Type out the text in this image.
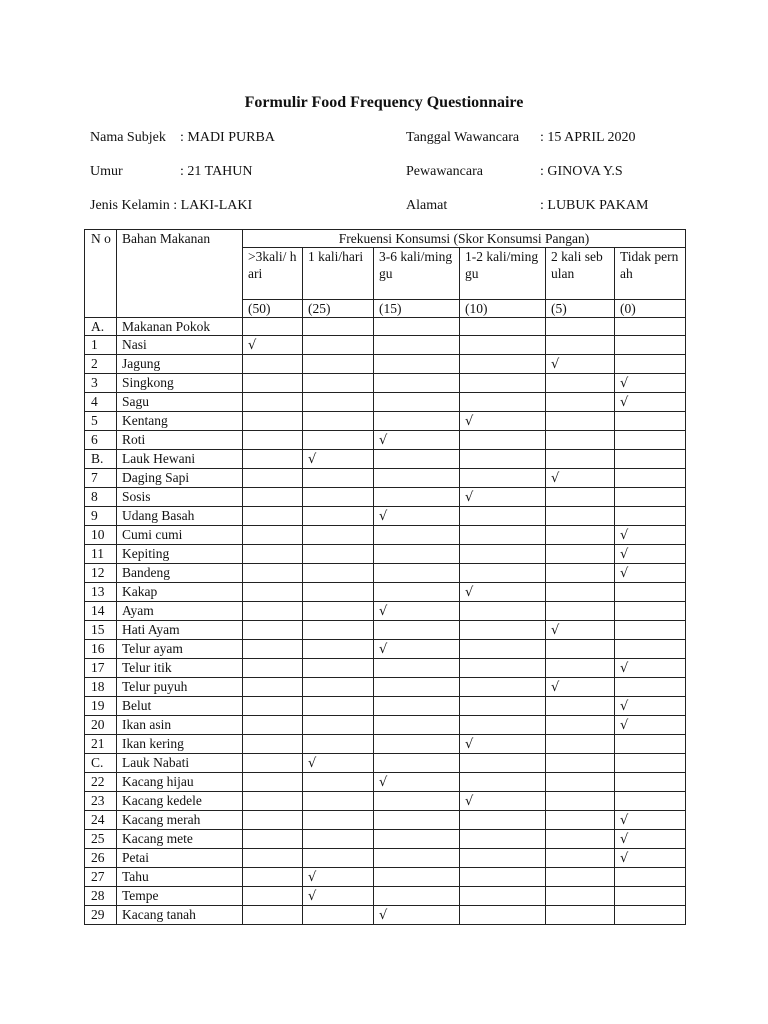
Formulir Food Frequency Questionnaire
Nama Subjek : MADI PURBA
Umur	: 21 TAHUN
Jenis Kelamin : LAKI-LAKI
Tanggal Wawancara : 15 APRIL 2020
Pewawancara	: GINOVA Y.S
Alamat	: LUBUK PAKAM
N o	Bahan Makanan	Frekuensi Konsumsi (Skor Konsumsi Pangan)					
		>3kali/ hari	1 kali/hari	3-6 kali/minggu	1-2 kali/minggu	2 kali sebulan	Tidak pernah
		(50)	(25)	(15)	(10)	(5)	(0)
A.	Makanan Pokok						
1	Nasi	√					
2	Jagung					√	
3	Singkong						√
4	Sagu						√
5	Kentang				√		
6	Roti			√			
B.	Lauk Hewani		√				
7	Daging Sapi					√	
8	Sosis				√		
9	Udang Basah			√			
10	Cumi cumi						√
11	Kepiting						√
12	Bandeng						√
13	Kakap				√		
14	Ayam			√			
15	Hati Ayam					√	
16	Telur ayam			√			
17	Telur itik						√
18	Telur puyuh					√	
19	Belut						√
20	Ikan asin						√
21	Ikan kering				√		
C.	Lauk Nabati		√				
22	Kacang hijau			√			
23	Kacang kedele				√		
24	Kacang merah						√
25	Kacang mete						√
26	Petai						√
27	Tahu		√				
28	Tempe		√				
29	Kacang tanah			√			
